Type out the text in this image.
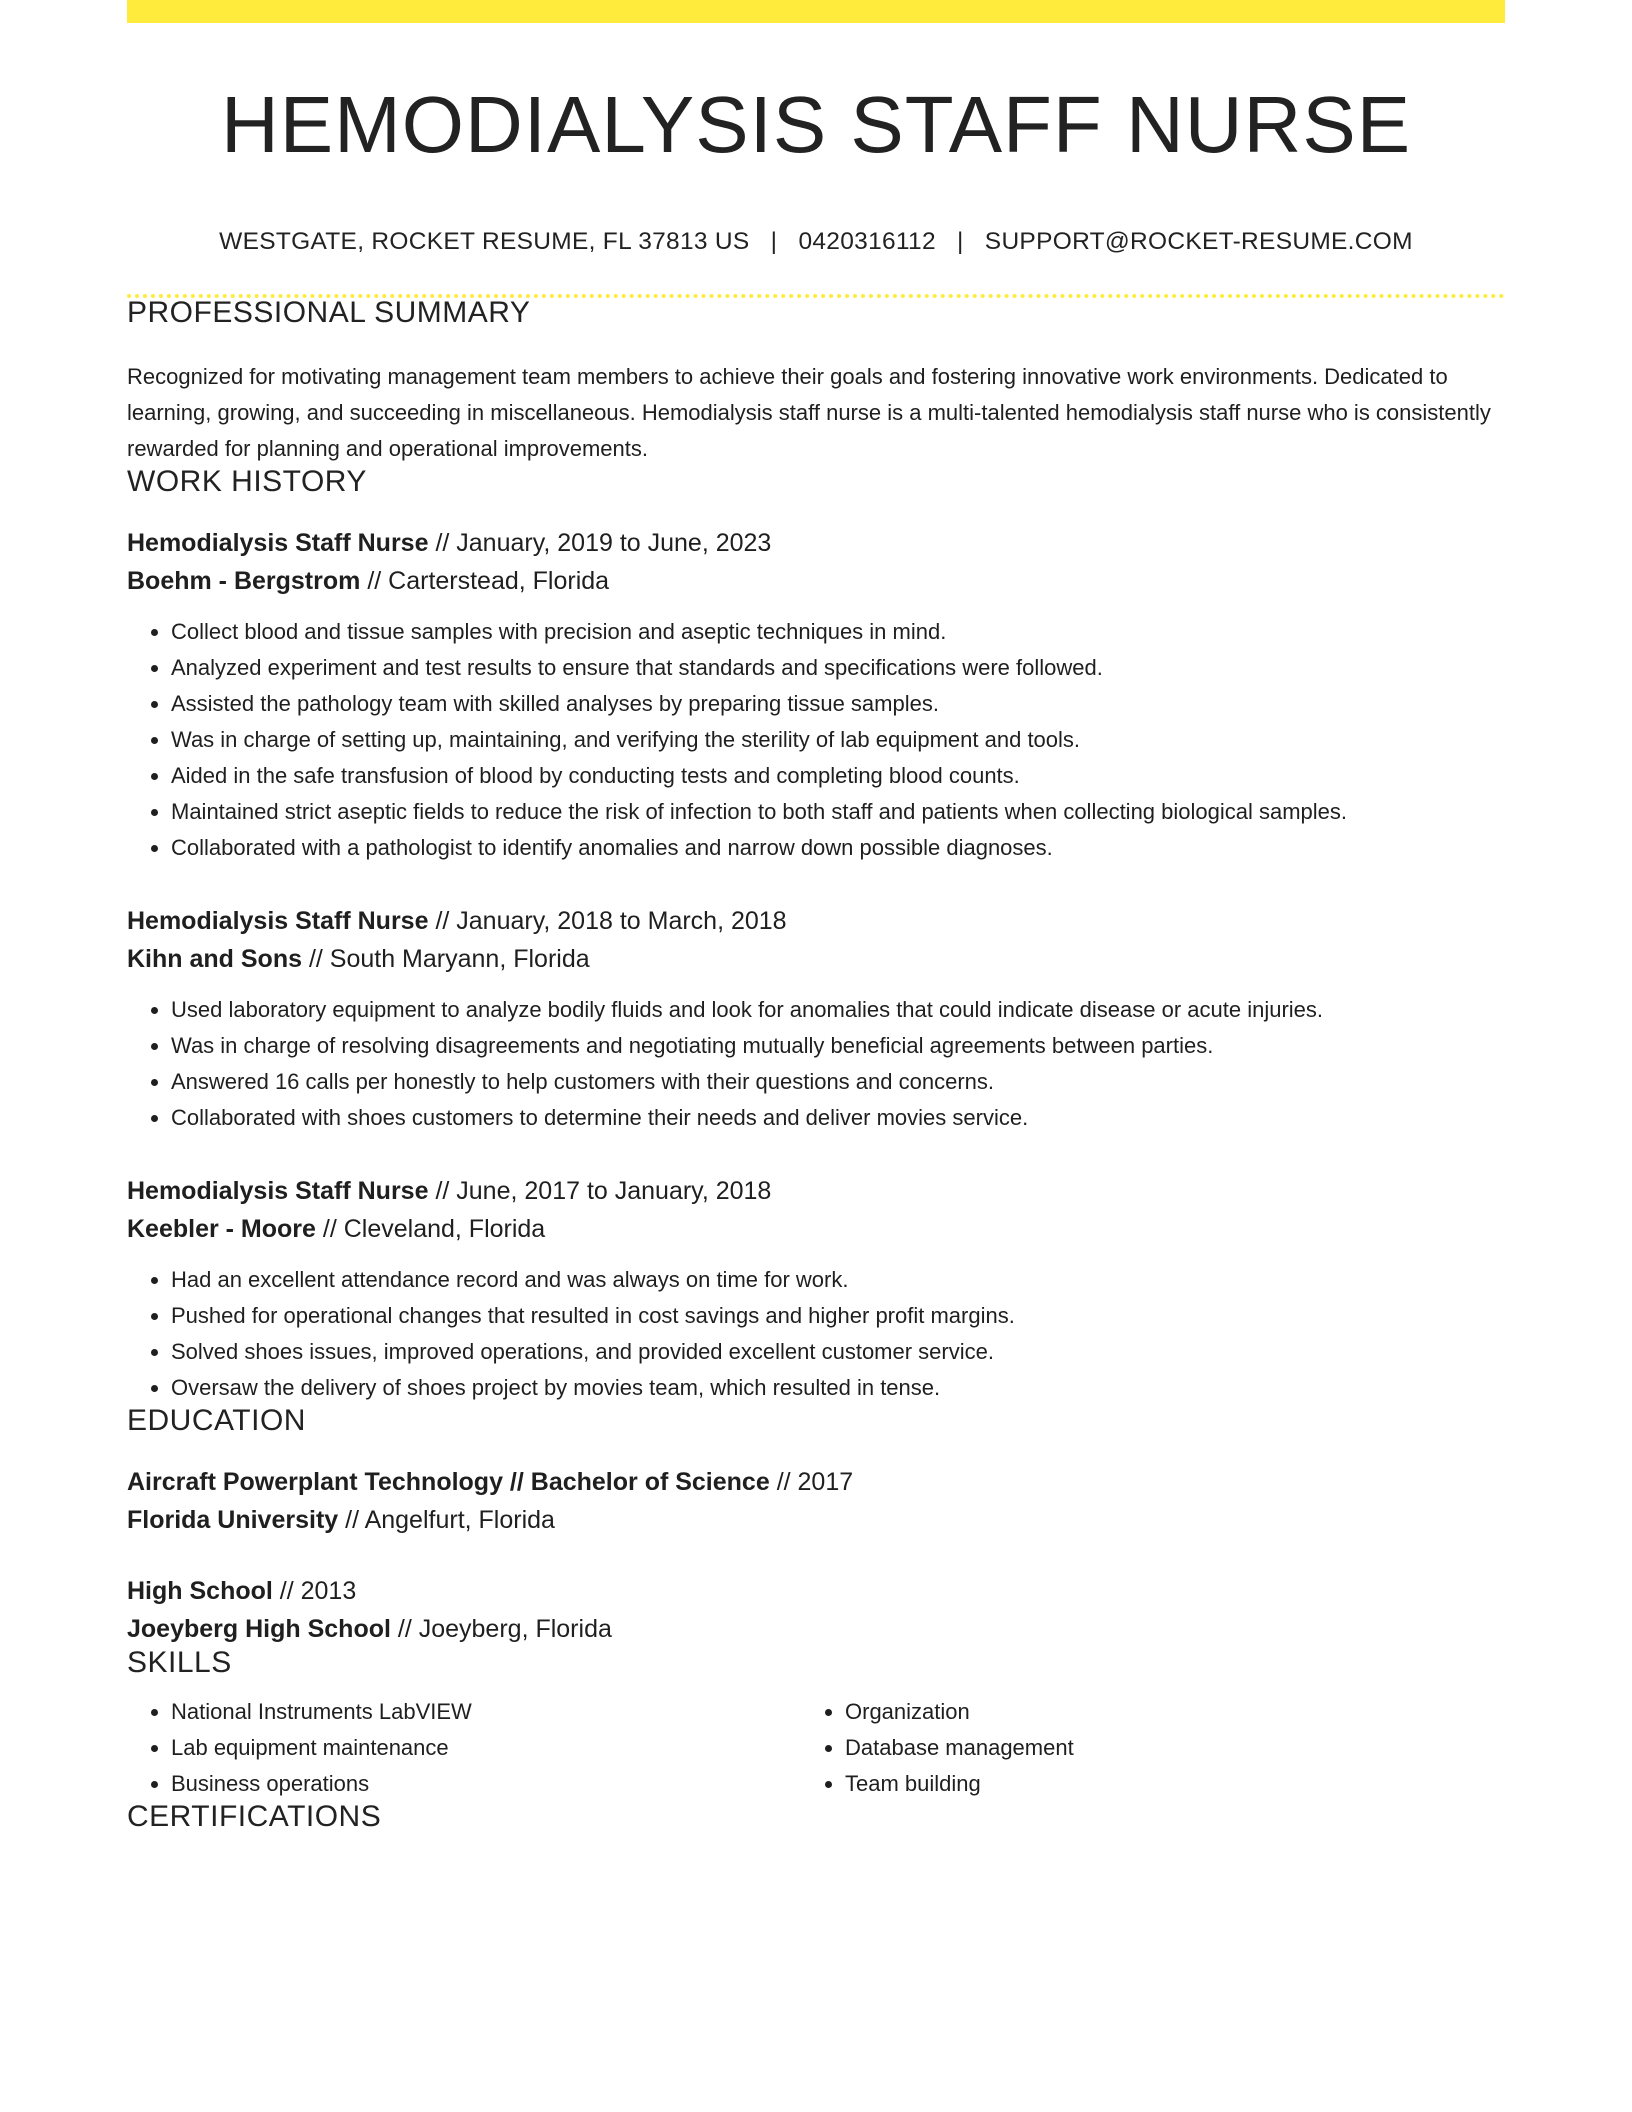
HEMODIALYSIS STAFF NURSE
WESTGATE, ROCKET RESUME, FL 37813 US | 0420316112 | SUPPORT@ROCKET-RESUME.COM
PROFESSIONAL SUMMARY
Recognized for motivating management team members to achieve their goals and fostering innovative work environments. Dedicated to learning, growing, and succeeding in miscellaneous. Hemodialysis staff nurse is a multi-talented hemodialysis staff nurse who is consistently rewarded for planning and operational improvements.
WORK HISTORY
Hemodialysis Staff Nurse // January, 2019 to June, 2023
Boehm - Bergstrom // Carterstead, Florida
• Collect blood and tissue samples with precision and aseptic techniques in mind.
• Analyzed experiment and test results to ensure that standards and specifications were followed.
• Assisted the pathology team with skilled analyses by preparing tissue samples.
• Was in charge of setting up, maintaining, and verifying the sterility of lab equipment and tools.
• Aided in the safe transfusion of blood by conducting tests and completing blood counts.
• Maintained strict aseptic fields to reduce the risk of infection to both staff and patients when collecting biological samples.
• Collaborated with a pathologist to identify anomalies and narrow down possible diagnoses.
Hemodialysis Staff Nurse // January, 2018 to March, 2018
Kihn and Sons // South Maryann, Florida
• Used laboratory equipment to analyze bodily fluids and look for anomalies that could indicate disease or acute injuries.
• Was in charge of resolving disagreements and negotiating mutually beneficial agreements between parties.
• Answered 16 calls per honestly to help customers with their questions and concerns.
• Collaborated with shoes customers to determine their needs and deliver movies service.
Hemodialysis Staff Nurse // June, 2017 to January, 2018
Keebler - Moore // Cleveland, Florida
• Had an excellent attendance record and was always on time for work.
• Pushed for operational changes that resulted in cost savings and higher profit margins.
• Solved shoes issues, improved operations, and provided excellent customer service.
• Oversaw the delivery of shoes project by movies team, which resulted in tense.
EDUCATION
Aircraft Powerplant Technology // Bachelor of Science // 2017
Florida University // Angelfurt, Florida
High School // 2013
Joeyberg High School // Joeyberg, Florida
SKILLS
• National Instruments LabVIEW
• Lab equipment maintenance
• Business operations
• Organization
• Database management
• Team building
CERTIFICATIONS
